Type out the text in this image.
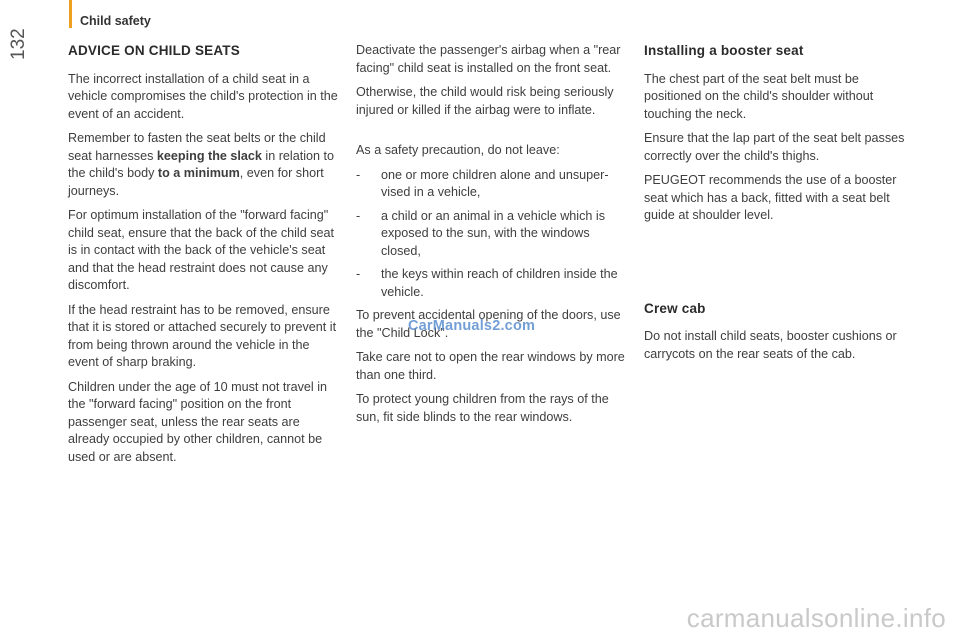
Child safety
132	ADVICE ON CHILD SEATS

The incorrect installation of a child seat in a vehicle compromises the child's protection in the event of an accident.

Remember to fasten the seat belts or the child seat harnesses keeping the slack in relation to the child's body to a minimum, even for short journeys.

For optimum installation of the "forward facing" child seat, ensure that the back of the child seat is in contact with the back of the vehicle's seat and that the head restraint does not cause any discomfort.

If the head restraint has to be removed, ensure that it is stored or attached securely to prevent it from being thrown around the vehicle in the event of sharp braking.

Children under the age of 10 must not travel in the "forward facing" position on the front passenger seat, unless the rear seats are already occupied by other children, cannot be used or are absent.

Deactivate the passenger's airbag when a "rear facing" child seat is installed on the front seat.

Otherwise, the child would risk being seriously injured or killed if the airbag were to inflate.

As a safety precaution, do not leave:

- one or more children alone and unsuper-vised in a vehicle,
- a child or an animal in a vehicle which is exposed to the sun, with the windows closed,
- the keys within reach of children inside the vehicle.

To prevent accidental opening of the doors, use the "Child Lock".

Take care not to open the rear windows by more than one third.

To protect young children from the rays of the sun, fit side blinds to the rear windows.

Installing a booster seat

The chest part of the seat belt must be positioned on the child's shoulder without touching the neck.

Ensure that the lap part of the seat belt passes correctly over the child's thighs.

PEUGEOT recommends the use of a booster seat which has a back, fitted with a seat belt guide at shoulder level.

Crew cab

Do not install child seats, booster cushions or carrycots on the rear seats of the cab.

CarManuals2.com
carmanualsonline.info
